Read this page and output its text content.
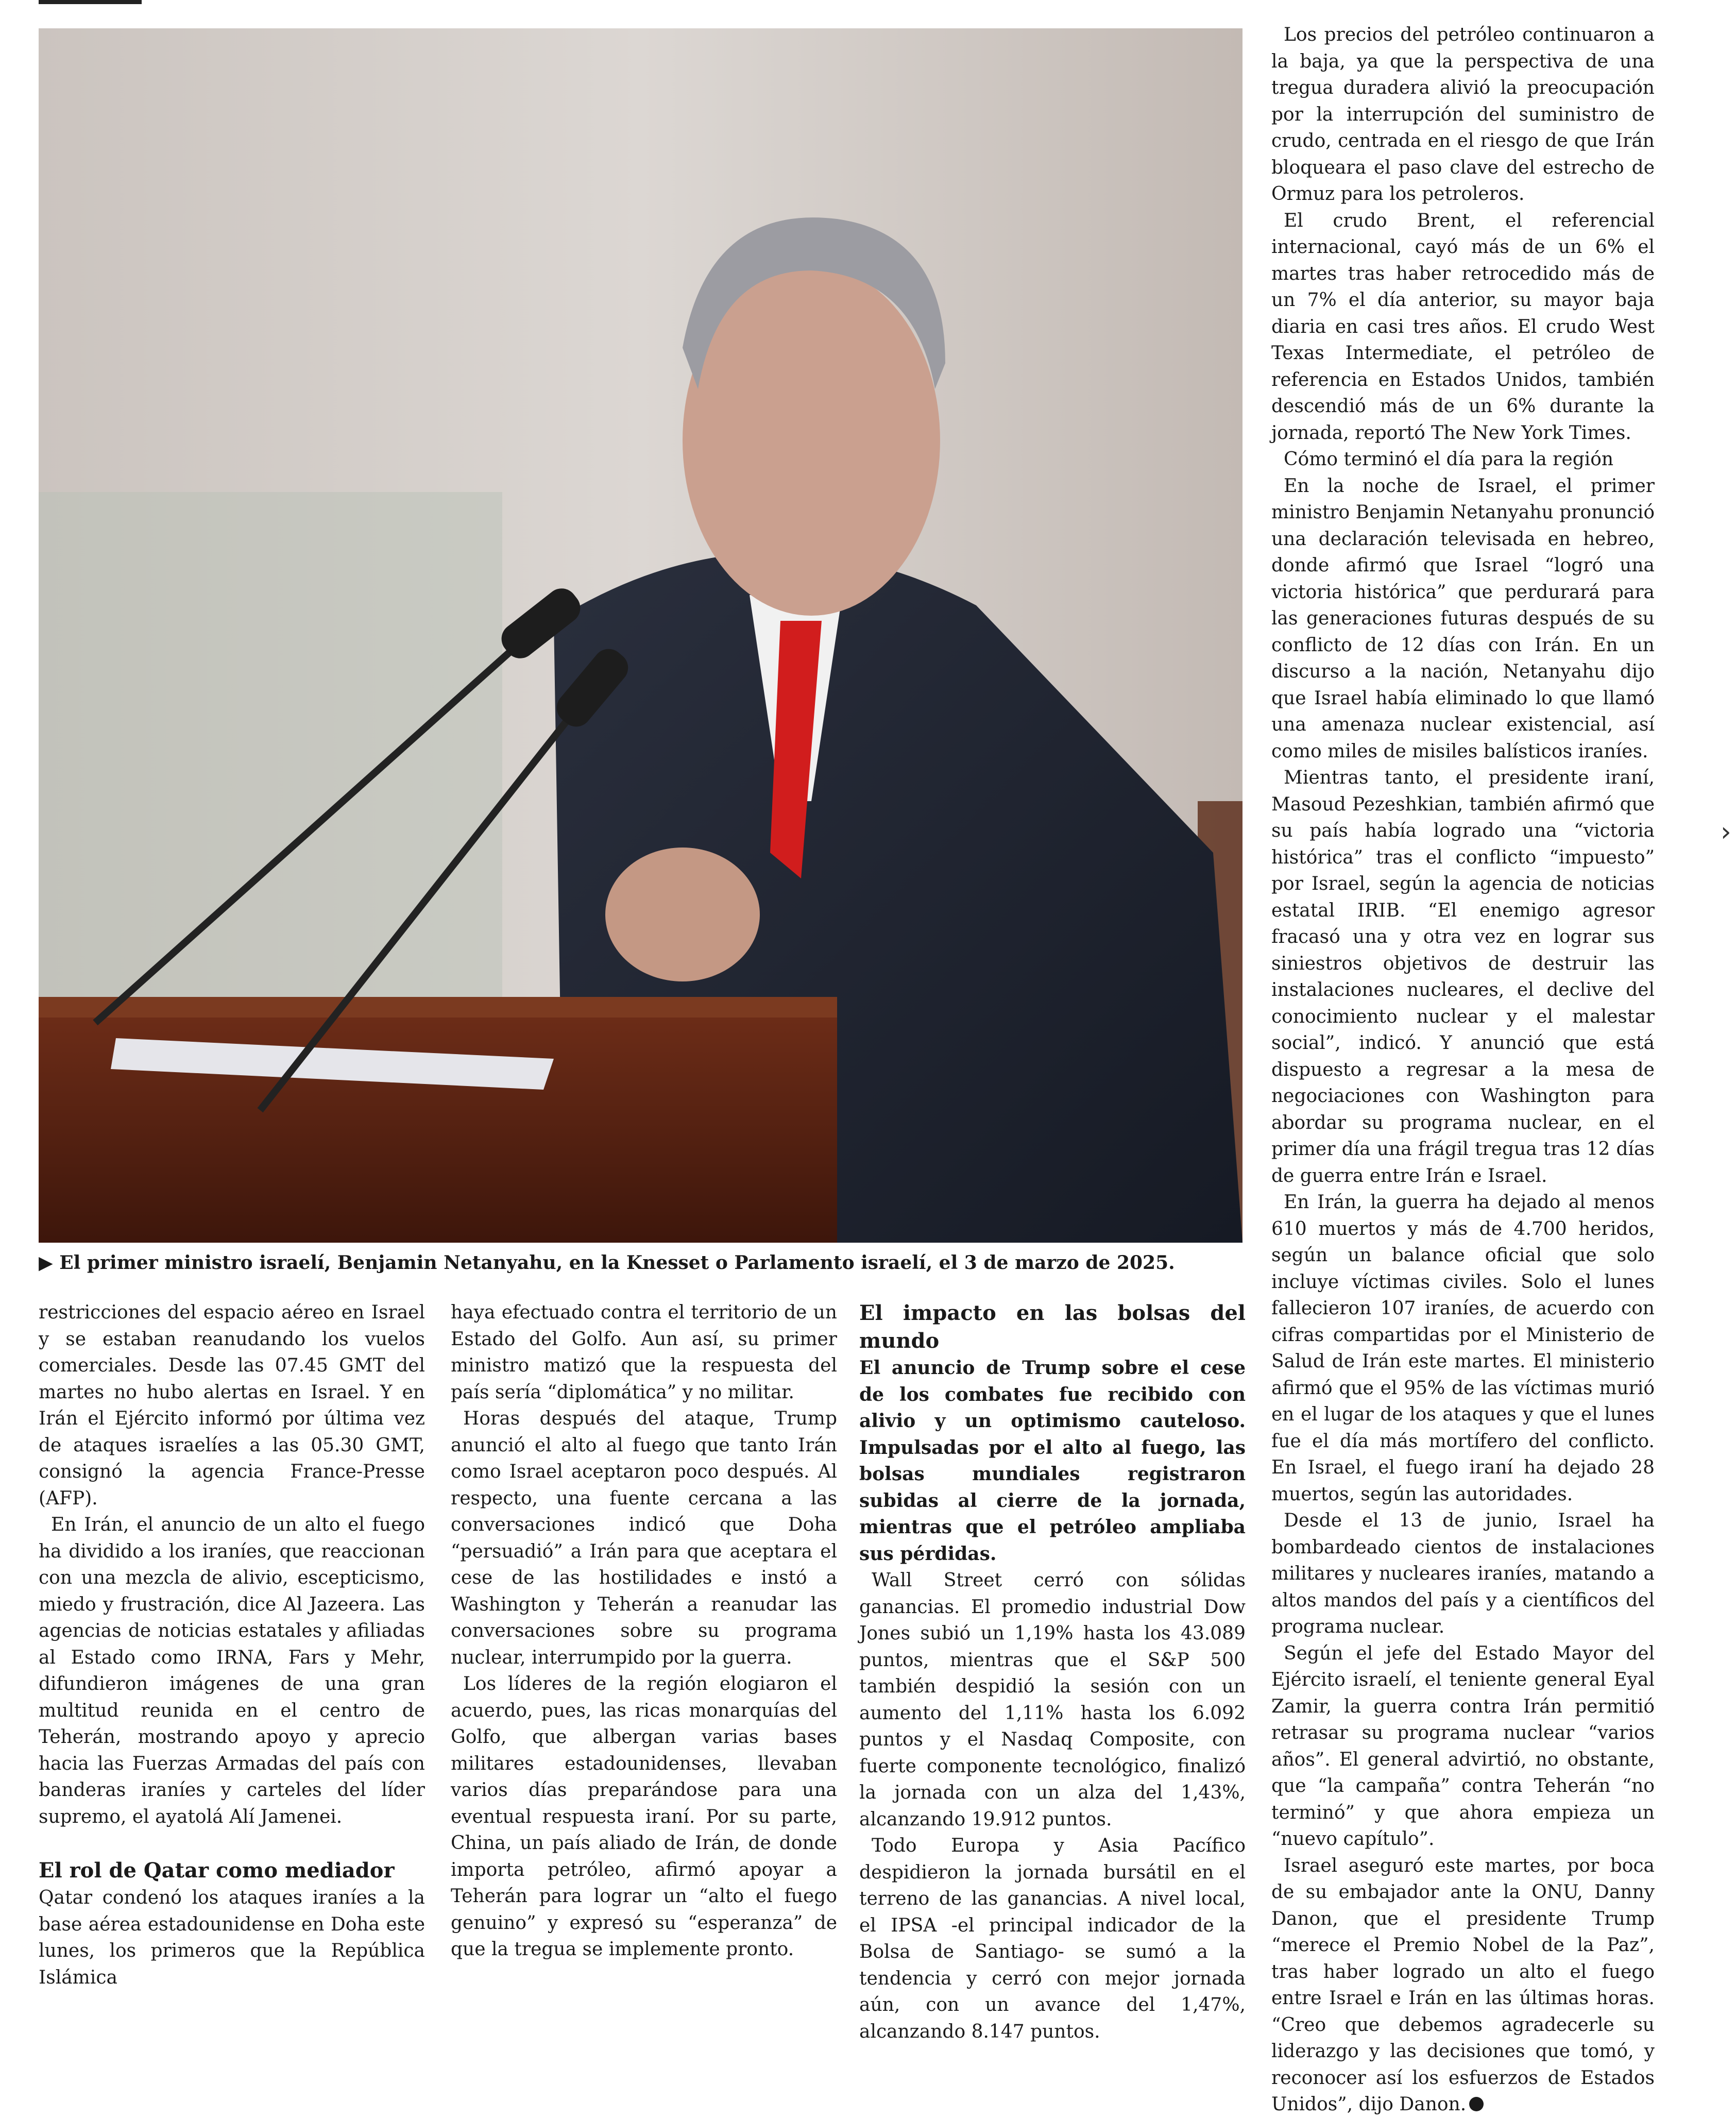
▶ El primer ministro israelí, Benjamin Netanyahu, en la Knesset o Parlamento israelí, el 3 de marzo de 2025.

restricciones del espacio aéreo en Israel y se estaban reanudando los vuelos comerciales. Desde las 07.45 GMT del martes no hubo alertas en Israel. Y en Irán el Ejército informó por última vez de ataques israelíes a las 05.30 GMT, consignó la agencia France-Presse (AFP).

En Irán, el anuncio de un alto el fuego ha dividido a los iraníes, que reaccionan con una mezcla de alivio, escepticismo, miedo y frustración, dice Al Jazeera. Las agencias de noticias estatales y afiliadas al Estado como IRNA, Fars y Mehr, difundieron imágenes de una gran multitud reunida en el centro de Teherán, mostrando apoyo y aprecio hacia las Fuerzas Armadas del país con banderas iraníes y carteles del líder supremo, el ayatolá Alí Jamenei.

El rol de Qatar como mediador

Qatar condenó los ataques iraníes a la base aérea estadounidense en Doha este lunes, los primeros que la República Islámica

haya efectuado contra el territorio de un Estado del Golfo. Aun así, su primer ministro matizó que la respuesta del país sería “diplomática” y no militar.

Horas después del ataque, Trump anunció el alto al fuego que tanto Irán como Israel aceptaron poco después. Al respecto, una fuente cercana a las conversaciones indicó que Doha “persuadió” a Irán para que aceptara el cese de las hostilidades e instó a Washington y Teherán a reanudar las conversaciones sobre su programa nuclear, interrumpido por la guerra.

Los líderes de la región elogiaron el acuerdo, pues, las ricas monarquías del Golfo, que albergan varias bases militares estadounidenses, llevaban varios días preparándose para una eventual respuesta iraní. Por su parte, China, un país aliado de Irán, de donde importa petróleo, afirmó apoyar a Teherán para lograr un “alto el fuego genuino” y expresó su “esperanza” de que la tregua se implemente pronto.

El impacto en las bolsas del mundo

El anuncio de Trump sobre el cese de los combates fue recibido con alivio y un optimismo cauteloso. Impulsadas por el alto al fuego, las bolsas mundiales registraron subidas al cierre de la jornada, mientras que el petróleo ampliaba sus pérdidas.

Wall Street cerró con sólidas ganancias. El promedio industrial Dow Jones subió un 1,19% hasta los 43.089 puntos, mientras que el S&P 500 también despidió la sesión con un aumento del 1,11% hasta los 6.092 puntos y el Nasdaq Composite, con fuerte componente tecnológico, finalizó la jornada con un alza del 1,43%, alcanzando 19.912 puntos.

Todo Europa y Asia Pacífico despidieron la jornada bursátil en el terreno de las ganancias. A nivel local, el IPSA -el principal indicador de la Bolsa de Santiago- se sumó a la tendencia y cerró con mejor jornada aún, con un avance del 1,47%, alcanzando 8.147 puntos.

Los precios del petróleo continuaron a la baja, ya que la perspectiva de una tregua duradera alivió la preocupación por la interrupción del suministro de crudo, centrada en el riesgo de que Irán bloqueara el paso clave del estrecho de Ormuz para los petroleros.

El crudo Brent, el referencial internacional, cayó más de un 6% el martes tras haber retrocedido más de un 7% el día anterior, su mayor baja diaria en casi tres años. El crudo West Texas Intermediate, el petróleo de referencia en Estados Unidos, también descendió más de un 6% durante la jornada, reportó The New York Times.

Cómo terminó el día para la región

En la noche de Israel, el primer ministro Benjamin Netanyahu pronunció una declaración televisada en hebreo, donde afirmó que Israel “logró una victoria histórica” que perdurará para las generaciones futuras después de su conflicto de 12 días con Irán. En un discurso a la nación, Netanyahu dijo que Israel había eliminado lo que llamó una amenaza nuclear existencial, así como miles de misiles balísticos iraníes.

Mientras tanto, el presidente iraní, Masoud Pezeshkian, también afirmó que su país había logrado una “victoria histórica” tras el conflicto “impuesto” por Israel, según la agencia de noticias estatal IRIB. “El enemigo agresor fracasó una y otra vez en lograr sus siniestros objetivos de destruir las instalaciones nucleares, el declive del conocimiento nuclear y el malestar social”, indicó. Y anunció que está dispuesto a regresar a la mesa de negociaciones con Washington para abordar su programa nuclear, en el primer día una frágil tregua tras 12 días de guerra entre Irán e Israel.

En Irán, la guerra ha dejado al menos 610 muertos y más de 4.700 heridos, según un balance oficial que solo incluye víctimas civiles. Solo el lunes fallecieron 107 iraníes, de acuerdo con cifras compartidas por el Ministerio de Salud de Irán este martes. El ministerio afirmó que el 95% de las víctimas murió en el lugar de los ataques y que el lunes fue el día más mortífero del conflicto. En Israel, el fuego iraní ha dejado 28 muertos, según las autoridades.

Desde el 13 de junio, Israel ha bombardeado cientos de instalaciones militares y nucleares iraníes, matando a altos mandos del país y a científicos del programa nuclear.

Según el jefe del Estado Mayor del Ejército israelí, el teniente general Eyal Zamir, la guerra contra Irán permitió retrasar su programa nuclear “varios años”. El general advirtió, no obstante, que “la campaña” contra Teherán “no terminó” y que ahora empieza un “nuevo capítulo”.

Israel aseguró este martes, por boca de su embajador ante la ONU, Danny Danon, que el presidente Trump “merece el Premio Nobel de la Paz”, tras haber logrado un alto el fuego entre Israel e Irán en las últimas horas. “Creo que debemos agradecerle su liderazgo y las decisiones que tomó, y reconocer así los esfuerzos de Estados Unidos”, dijo Danon.

›
